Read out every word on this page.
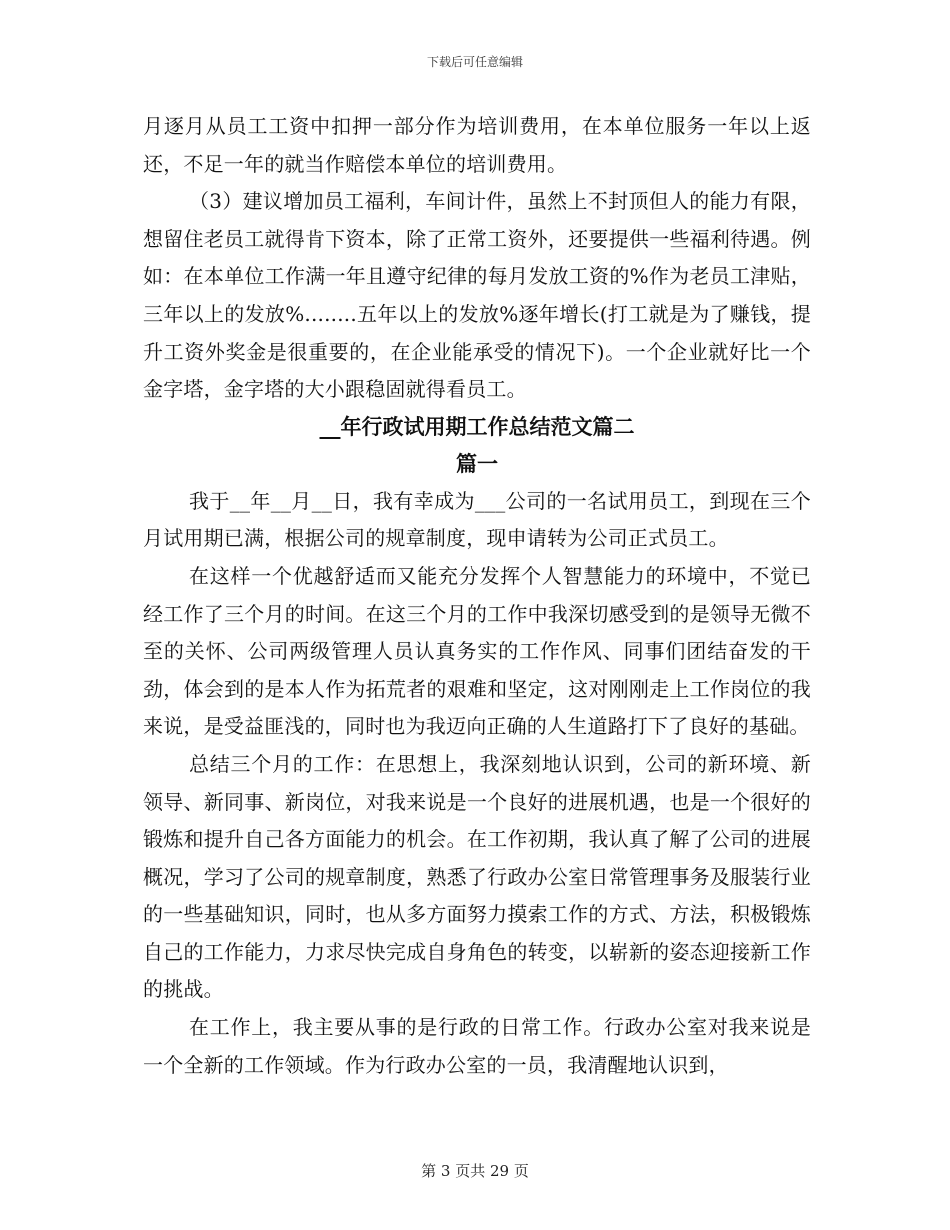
下载后可任意编辑

月逐月从员工工资中扣押一部分作为培训费用，在本单位服务一年以上返还，不足一年的就当作赔偿本单位的培训费用。

（3）建议增加员工福利，车间计件，虽然上不封顶但人的能力有限，想留住老员工就得肯下资本，除了正常工资外，还要提供一些福利待遇。例如：在本单位工作满一年且遵守纪律的每月发放工资的%作为老员工津贴，三年以上的发放%........五年以上的发放%逐年增长(打工就是为了赚钱，提升工资外奖金是很重要的，在企业能承受的情况下)。一个企业就好比一个金字塔，金字塔的大小跟稳固就得看员工。

__年行政试用期工作总结范文篇二

篇一

我于__年__月__日，我有幸成为___公司的一名试用员工，到现在三个月试用期已满，根据公司的规章制度，现申请转为公司正式员工。

在这样一个优越舒适而又能充分发挥个人智慧能力的环境中，不觉已经工作了三个月的时间。在这三个月的工作中我深切感受到的是领导无微不至的关怀、公司两级管理人员认真务实的工作作风、同事们团结奋发的干劲，体会到的是本人作为拓荒者的艰难和坚定，这对刚刚走上工作岗位的我来说，是受益匪浅的，同时也为我迈向正确的人生道路打下了良好的基础。

总结三个月的工作：在思想上，我深刻地认识到，公司的新环境、新领导、新同事、新岗位，对我来说是一个良好的进展机遇，也是一个很好的锻炼和提升自己各方面能力的机会。在工作初期，我认真了解了公司的进展概况，学习了公司的规章制度，熟悉了行政办公室日常管理事务及服装行业的一些基础知识，同时，也从多方面努力摸索工作的方式、方法，积极锻炼自己的工作能力，力求尽快完成自身角色的转变，以崭新的姿态迎接新工作的挑战。

在工作上，我主要从事的是行政的日常工作。行政办公室对我来说是一个全新的工作领域。作为行政办公室的一员，我清醒地认识到，

第 3 页共 29 页
